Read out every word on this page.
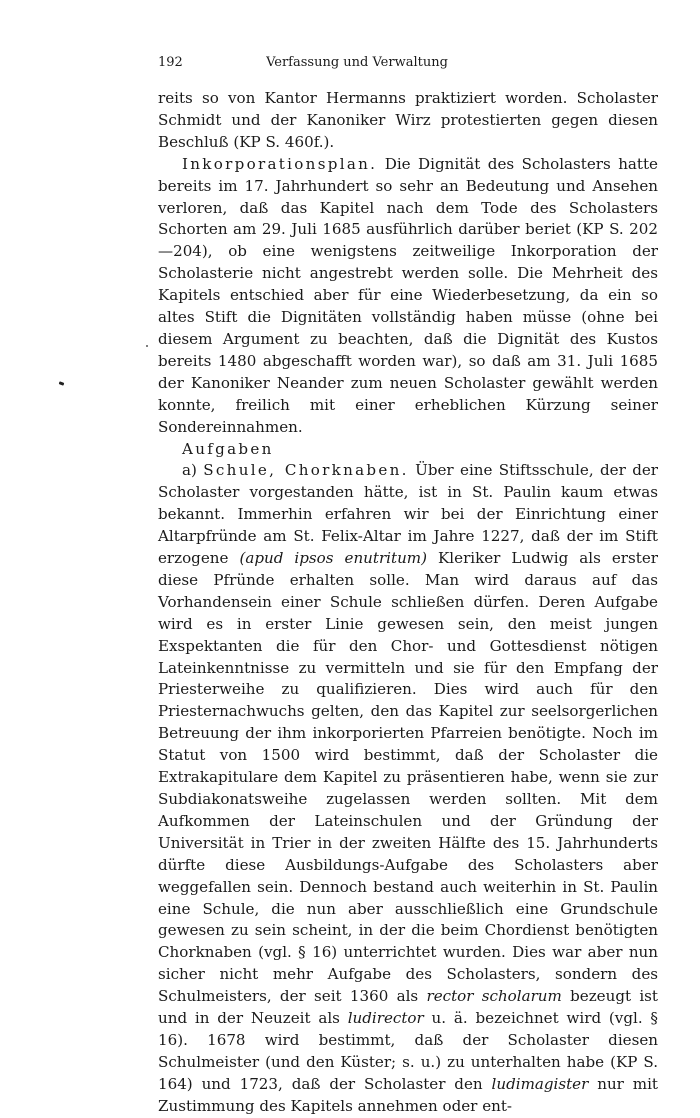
192	Verfassung und Verwaltung

reits so von Kantor Hermanns praktiziert worden. Scholaster Schmidt und der Kanoniker Wirz protestierten gegen diesen Beschluß (KP S. 460f.).

Inkorporationsplan. Die Dignität des Scholasters hatte bereits im 17. Jahrhundert so sehr an Bedeutung und Ansehen verloren, daß das Kapitel nach dem Tode des Scholasters Schorten am 29. Juli 1685 ausführlich darüber beriet (KP S. 202—204), ob eine wenigstens zeitweilige Inkorporation der Scholasterie nicht angestrebt werden solle. Die Mehrheit des Kapitels entschied aber für eine Wiederbesetzung, da ein so altes Stift die Dignitäten vollständig haben müsse (ohne bei diesem Argument zu beachten, daß die Dignität des Kustos bereits 1480 abgeschafft worden war), so daß am 31. Juli 1685 der Kanoniker Neander zum neuen Scholaster gewählt werden konnte, freilich mit einer erheblichen Kürzung seiner Sondereinnahmen.

Aufgaben

a) Schule, Chorknaben. Über eine Stiftsschule, der der Scholaster vorgestanden hätte, ist in St. Paulin kaum etwas bekannt. Immerhin erfahren wir bei der Einrichtung einer Altarpfründe am St. Felix-Altar im Jahre 1227, daß der im Stift erzogene (apud ipsos enutritum) Kleriker Ludwig als erster diese Pfründe erhalten solle. Man wird daraus auf das Vorhandensein einer Schule schließen dürfen. Deren Aufgabe wird es in erster Linie gewesen sein, den meist jungen Exspektanten die für den Chor- und Gottesdienst nötigen Lateinkenntnisse zu vermitteln und sie für den Empfang der Priesterweihe zu qualifizieren. Dies wird auch für den Priesternachwuchs gelten, den das Kapitel zur seelsorgerlichen Betreuung der ihm inkorporierten Pfarreien benötigte. Noch im Statut von 1500 wird bestimmt, daß der Scholaster die Extrakapitulare dem Kapitel zu präsentieren habe, wenn sie zur Subdiakonatsweihe zugelassen werden sollten. Mit dem Aufkommen der Lateinschulen und der Gründung der Universität in Trier in der zweiten Hälfte des 15. Jahrhunderts dürfte diese Ausbildungs-Aufgabe des Scholasters aber weggefallen sein. Dennoch bestand auch weiterhin in St. Paulin eine Schule, die nun aber ausschließlich eine Grundschule gewesen zu sein scheint, in der die beim Chordienst benötigten Chorknaben (vgl. § 16) unterrichtet wurden. Dies war aber nun sicher nicht mehr Aufgabe des Scholasters, sondern des Schulmeisters, der seit 1360 als rector scholarum bezeugt ist und in der Neuzeit als ludirector u. ä. bezeichnet wird (vgl. § 16). 1678 wird bestimmt, daß der Scholaster diesen Schulmeister (und den Küster; s. u.) zu unterhalten habe (KP S. 164) und 1723, daß der Scholaster den ludimagister nur mit Zustimmung des Kapitels annehmen oder ent-
